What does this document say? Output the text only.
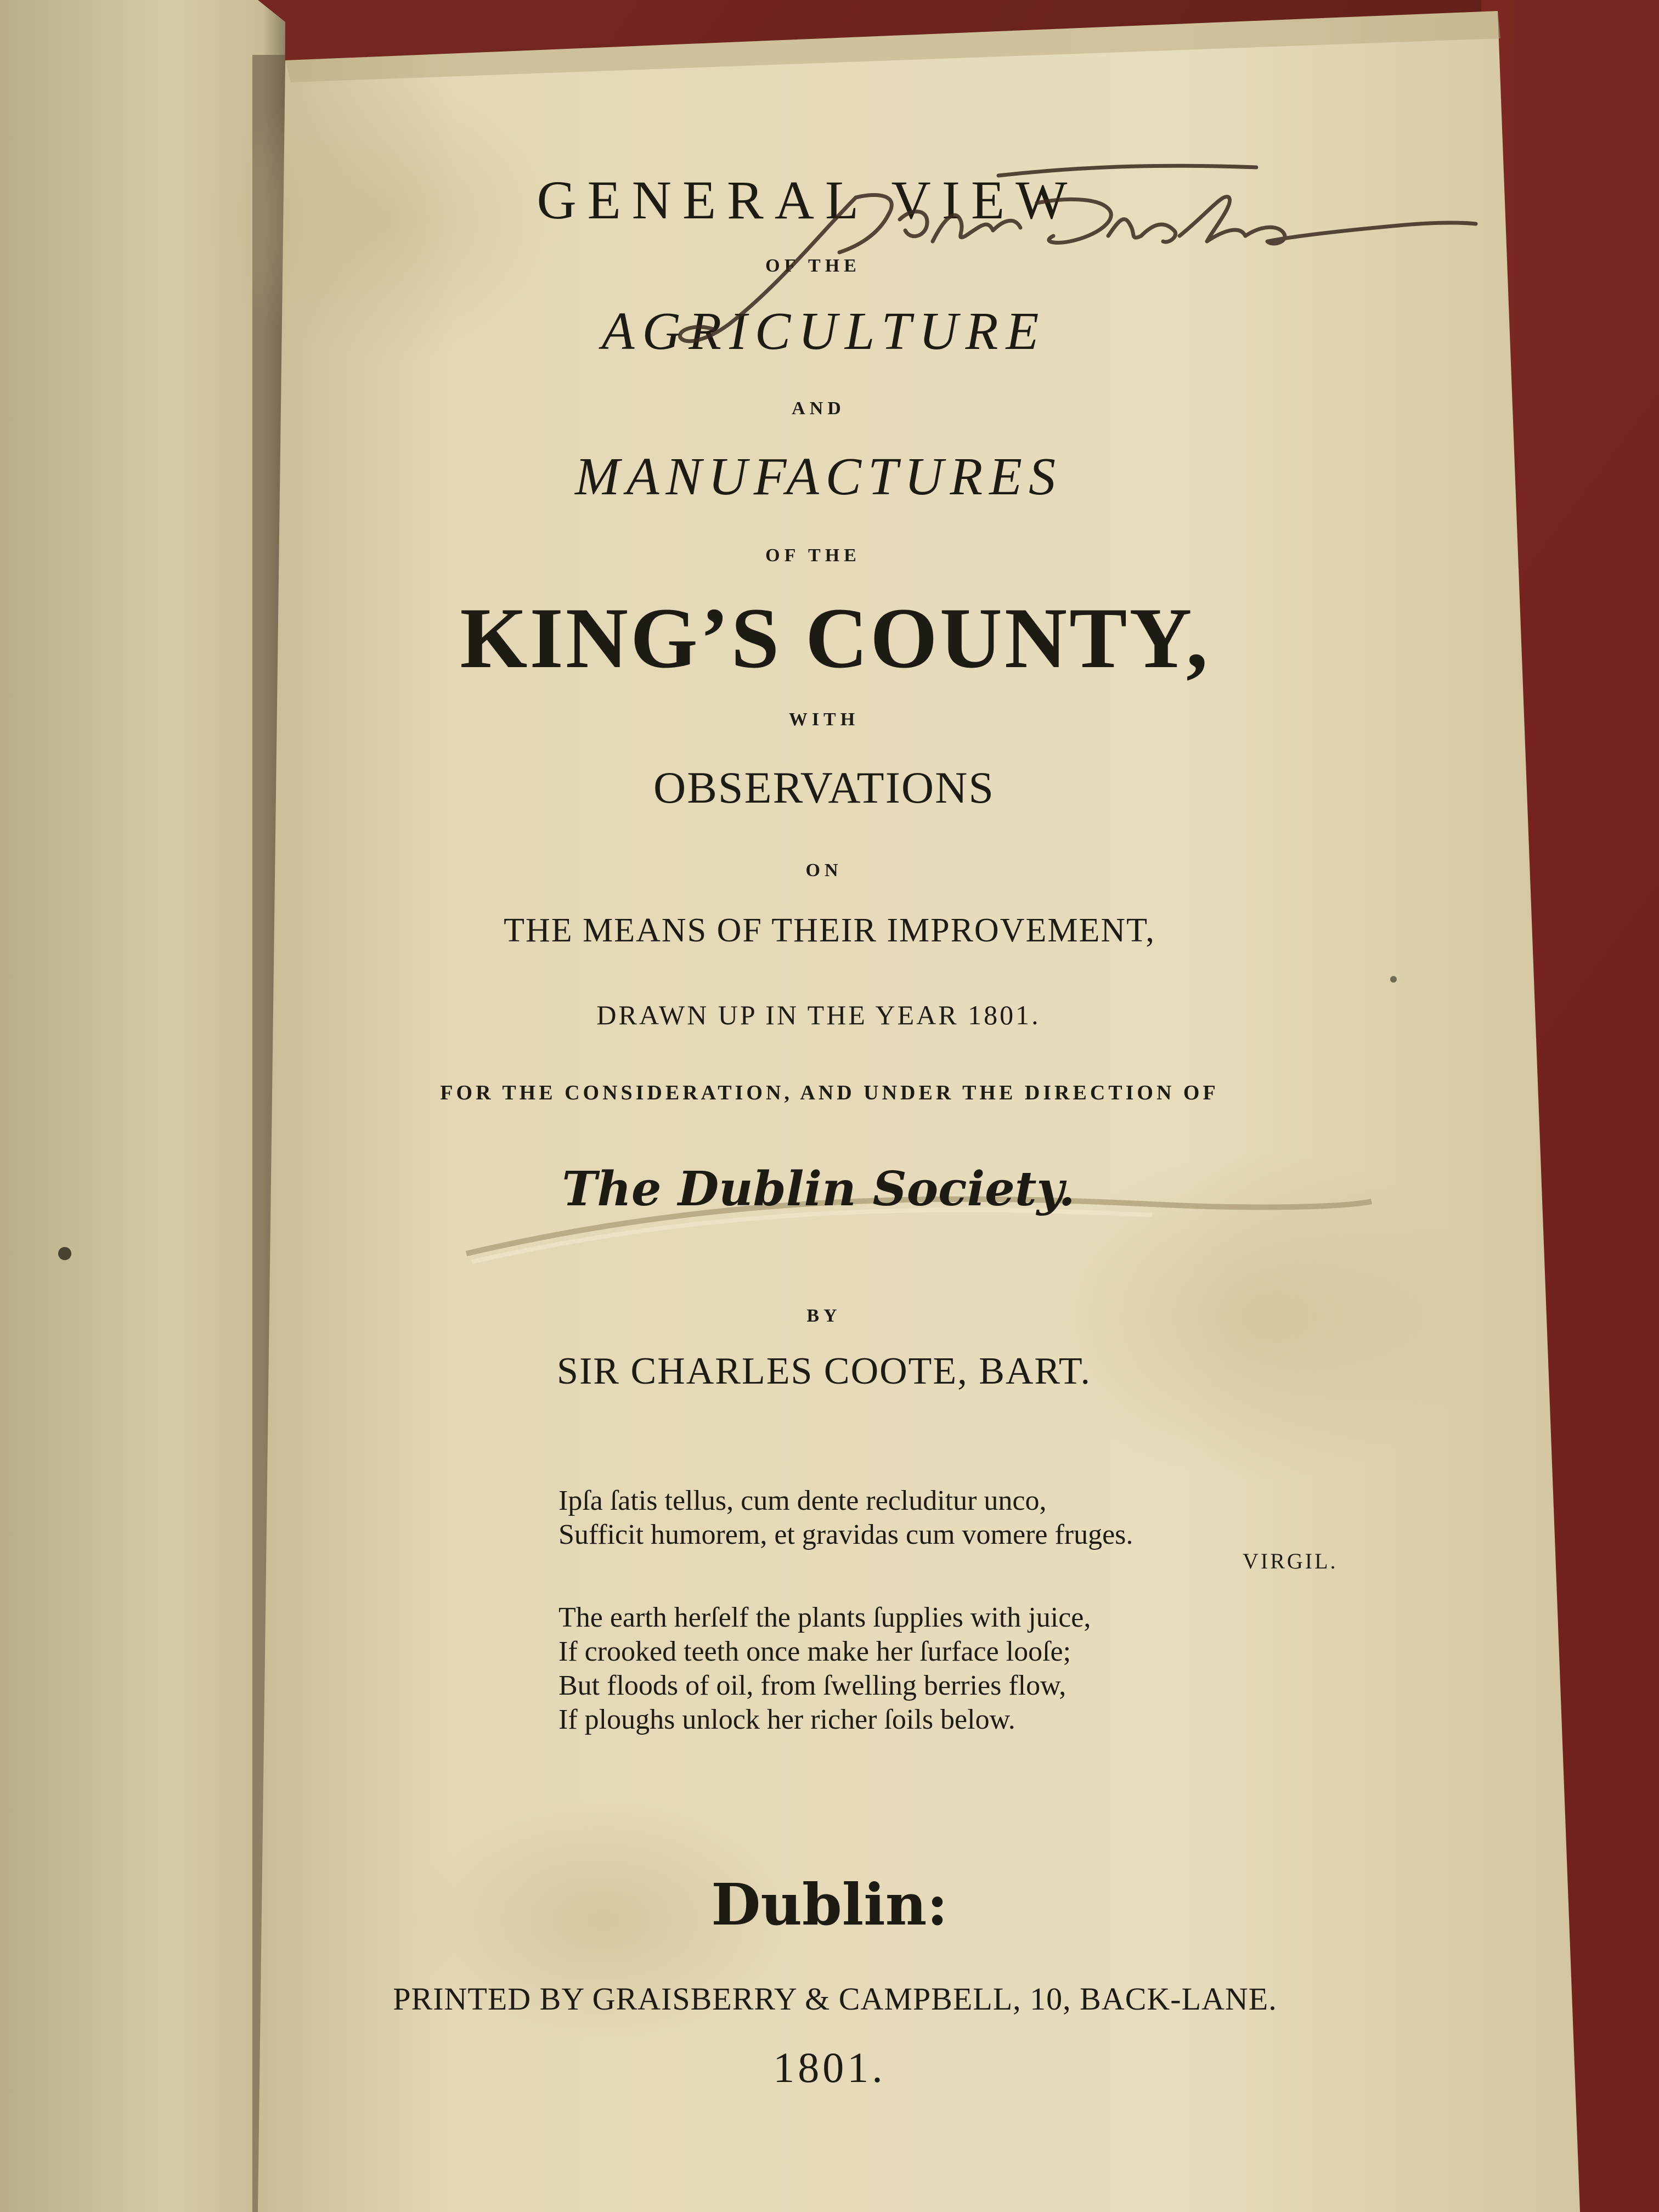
GENERAL VIEW
OF THE
AGRICULTURE
AND
MANUFACTURES
OF THE
KING’S COUNTY,
WITH
OBSERVATIONS
ON
THE MEANS OF THEIR IMPROVEMENT,
DRAWN UP IN THE YEAR 1801.
FOR THE CONSIDERATION, AND UNDER THE DIRECTION OF
The Dublin Society.
BY
SIR CHARLES COOTE, BART.
Ipſa ſatis tellus, cum dente recluditur unco,
Sufficit humorem, et gravidas cum vomere fruges.
VIRGIL.
The earth herſelf the plants ſupplies with juice,
If crooked teeth once make her ſurface looſe;
But floods of oil, from ſwelling berries flow,
If ploughs unlock her richer ſoils below.
Dublin:
PRINTED BY GRAISBERRY & CAMPBELL, 10, BACK-LANE.
1801.
